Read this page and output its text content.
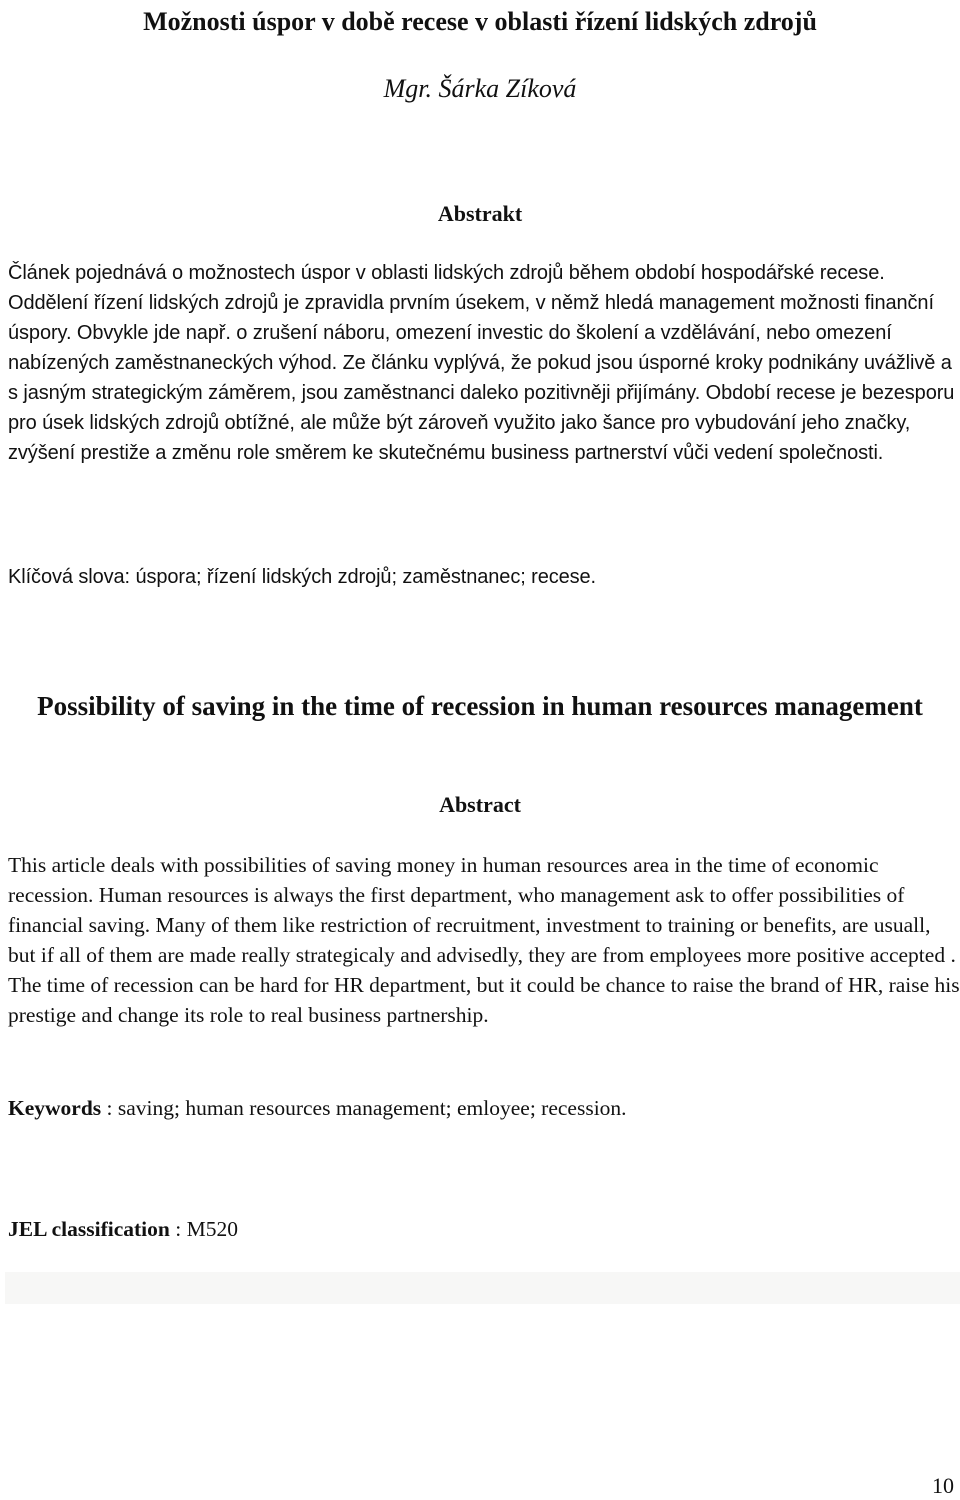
Možnosti úspor v době recese v oblasti řízení lidských zdrojů
Mgr. Šárka Zíková
Abstrakt
Článek pojednává o možnostech úspor v oblasti lidských zdrojů během období hospodářské recese. Oddělení řízení lidských zdrojů je zpravidla prvním úsekem, v němž hledá management možnosti finanční úspory. Obvykle jde např. o zrušení náboru, omezení investic do školení a vzdělávání, nebo omezení nabízených zaměstnaneckých výhod. Ze článku vyplývá, že pokud jsou úsporné kroky podnikány uvážlivě a s jasným strategickým záměrem, jsou zaměstnanci daleko pozitivněji přijímány. Období recese je bezesporu pro úsek lidských zdrojů obtížné, ale může být zároveň využito jako šance pro vybudování jeho značky, zvýšení prestiže a změnu role směrem ke skutečnému business partnerství vůči vedení společnosti.
Klíčová slova: úspora; řízení lidských zdrojů; zaměstnanec; recese.
Possibility of saving in the time of recession in human resources management
Abstract
This article deals with possibilities of saving money in human resources area in the time of economic recession. Human resources is always the first department, who management ask to offer possibilities of financial saving. Many of them like restriction of recruitment, investment to training or benefits, are usuall, but if all of them are made really strategicaly and advisedly, they are from employees more positive accepted . The time of recession can be hard for HR department, but it could be chance to raise the brand of HR, raise his prestige and change its role to real business partnership.
Keywords : saving; human resources management; emloyee; recession.
JEL classification : M520
10
